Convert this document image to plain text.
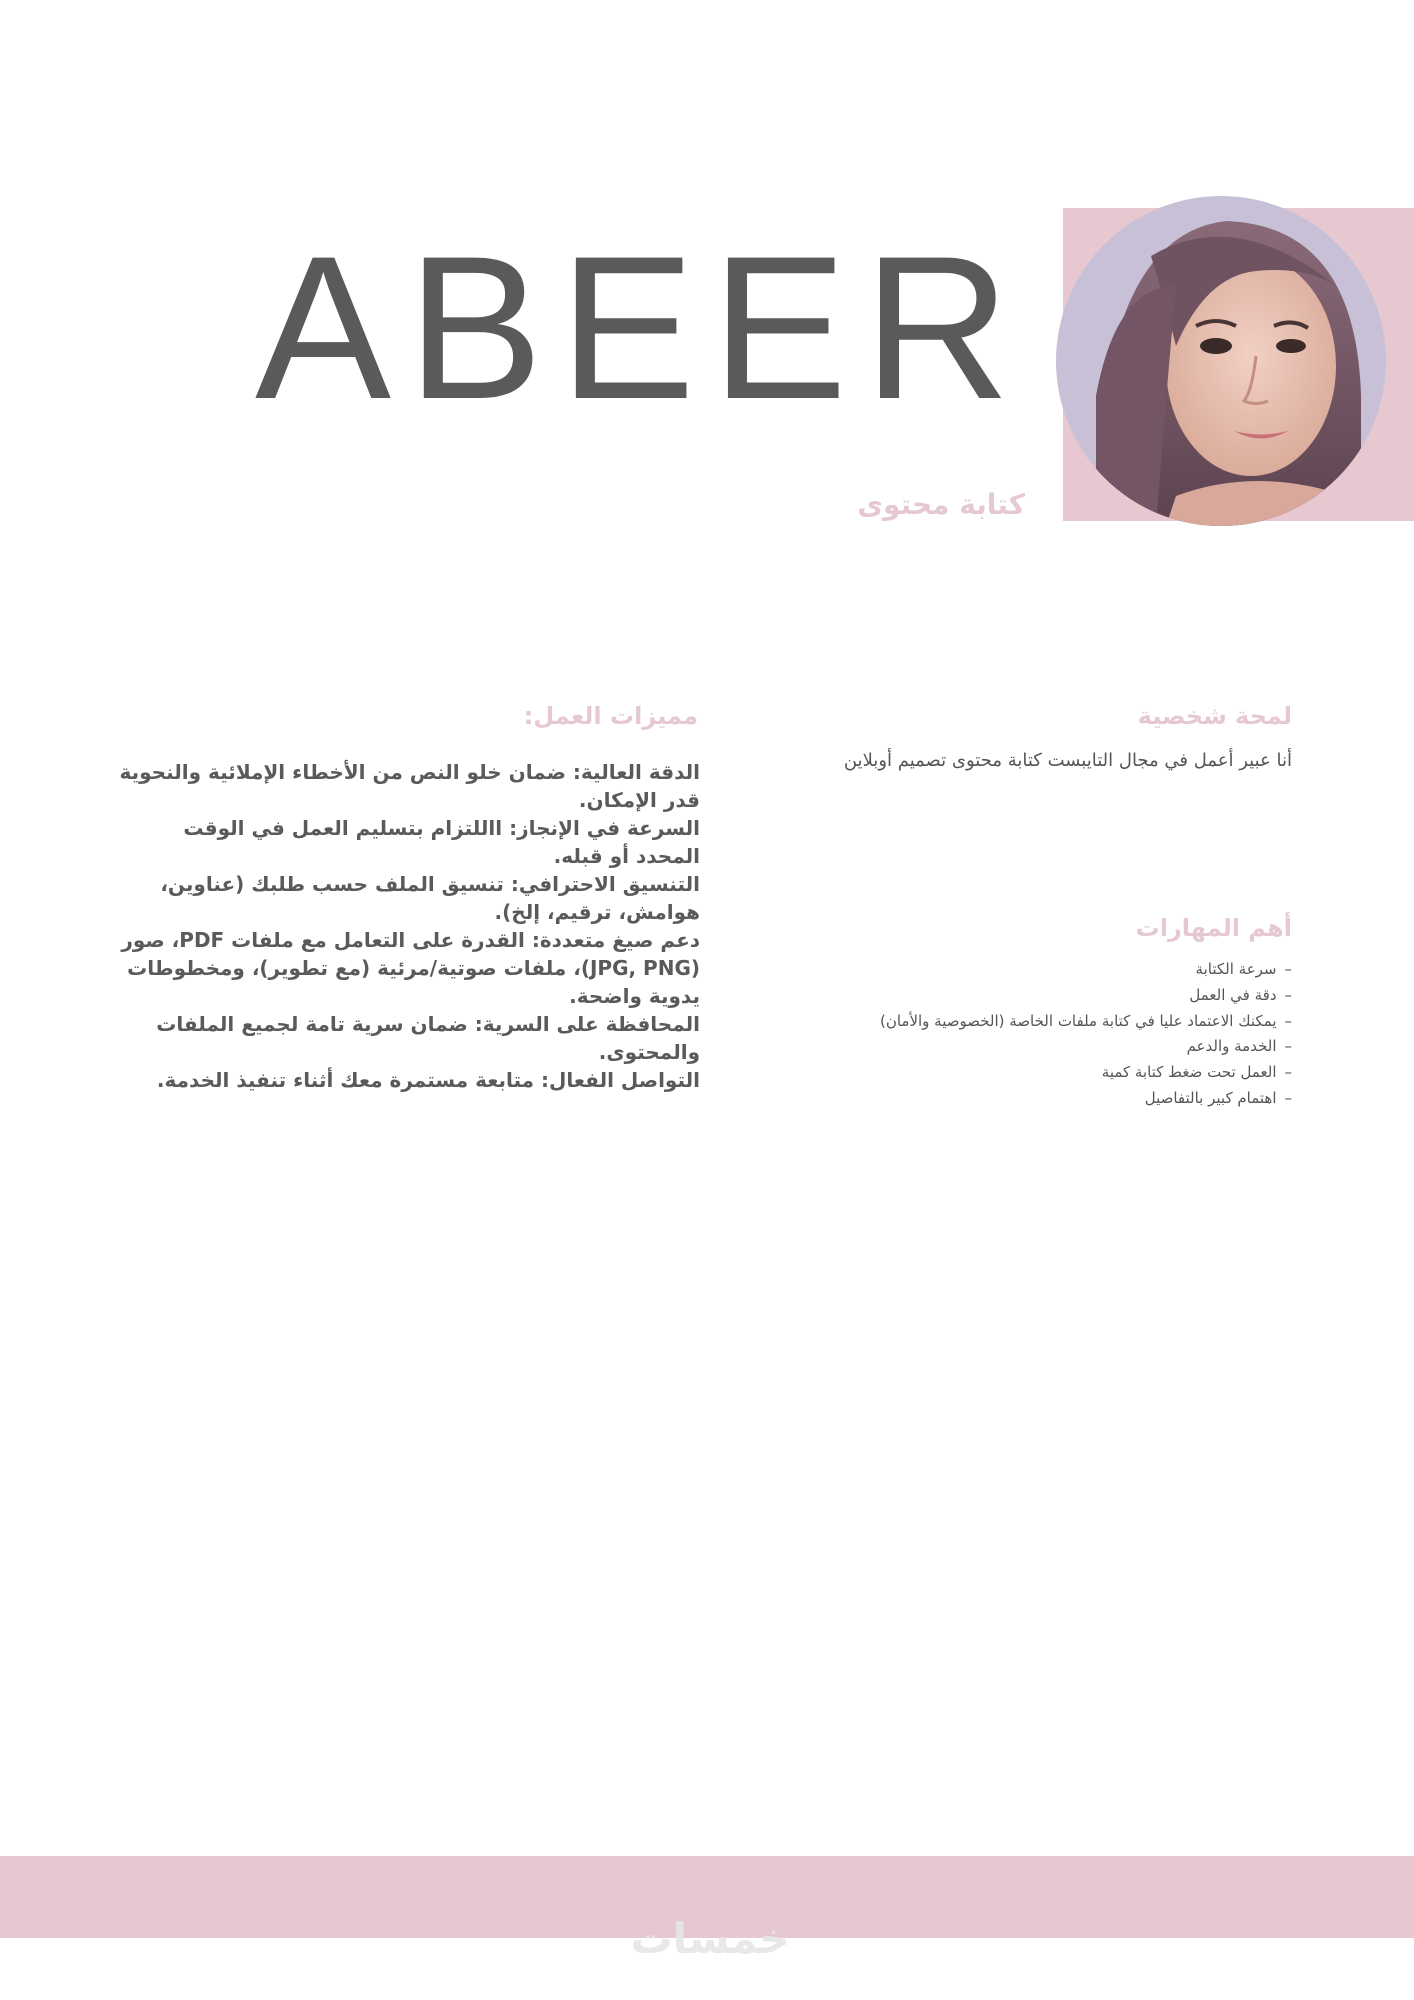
ABEER
كتابة محتوى
مميزات العمل:

الدقة العالية: ضمان خلو النص من الأخطاء الإملائية والنحوية قدر الإمكان.

السرعة في الإنجاز: االلتزام بتسليم العمل في الوقت المحدد أو قبله.

التنسيق الاحترافي: تنسيق الملف حسب طلبك (عناوين، هوامش، ترقيم، إلخ).

دعم صيغ متعددة: القدرة على التعامل مع ملفات PDF، صور (JPG, PNG)، ملفات صوتية/مرئية (مع تطوير)، ومخطوطات يدوية واضحة.

المحافظة على السرية: ضمان سرية تامة لجميع الملفات والمحتوى.

التواصل الفعال: متابعة مستمرة معك أثناء تنفيذ الخدمة.

لمحة شخصية
أنا عبير أعمل في مجال التايبست كتابة محتوى تصميم أوبلاين
أهم المهارات
–سرعة الكتابة
–دقة في العمل
–يمكنك الاعتماد عليا في كتابة ملفات الخاصة (الخصوصية والأمان)
–الخدمة والدعم
–العمل تحت ضغط كتابة كمية
–اهتمام كبير بالتفاصيل
خمسات
